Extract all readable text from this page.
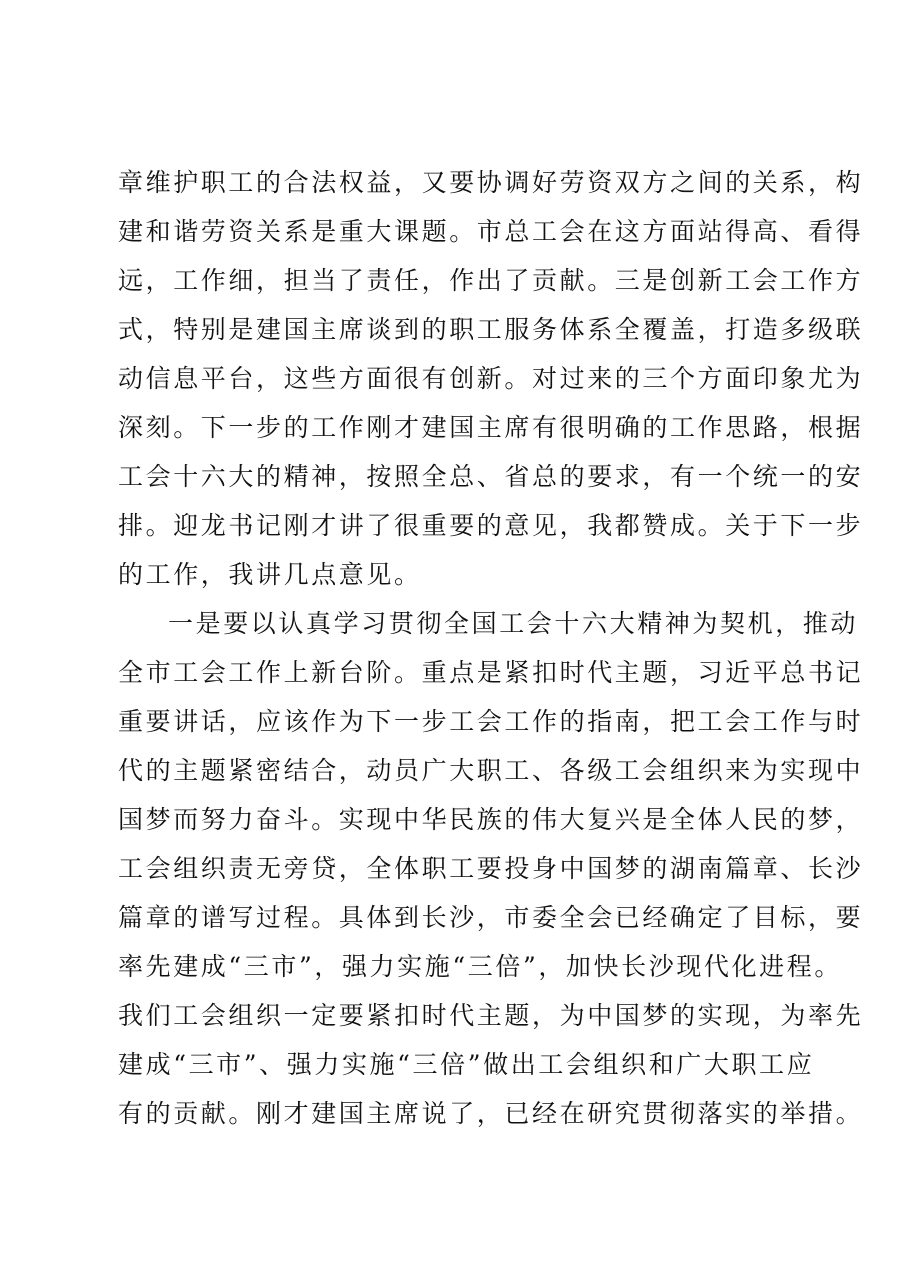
章维护职工的合法权益，又要协调好劳资双方之间的关系，构

建和谐劳资关系是重大课题。市总工会在这方面站得高、看得

远，工作细，担当了责任，作出了贡献。三是创新工会工作方

式，特别是建国主席谈到的职工服务体系全覆盖，打造多级联

动信息平台，这些方面很有创新。对过来的三个方面印象尤为

深刻。下一步的工作刚才建国主席有很明确的工作思路，根据

工会十六大的精神，按照全总、省总的要求，有一个统一的安

排。迎龙书记刚才讲了很重要的意见，我都赞成。关于下一步

的工作，我讲几点意见。

一是要以认真学习贯彻全国工会十六大精神为契机，推动

全市工会工作上新台阶。重点是紧扣时代主题，习近平总书记

重要讲话，应该作为下一步工会工作的指南，把工会工作与时

代的主题紧密结合，动员广大职工、各级工会组织来为实现中

国梦而努力奋斗。实现中华民族的伟大复兴是全体人民的梦，

工会组织责无旁贷，全体职工要投身中国梦的湖南篇章、长沙

篇章的谱写过程。具体到长沙，市委全会已经确定了目标，要

率先建成“三市”，强力实施“三倍”，加快长沙现代化进程。

我们工会组织一定要紧扣时代主题，为中国梦的实现，为率先

建成“三市”、强力实施“三倍”做出工会组织和广大职工应

有的贡献。刚才建国主席说了，已经在研究贯彻落实的举措。
